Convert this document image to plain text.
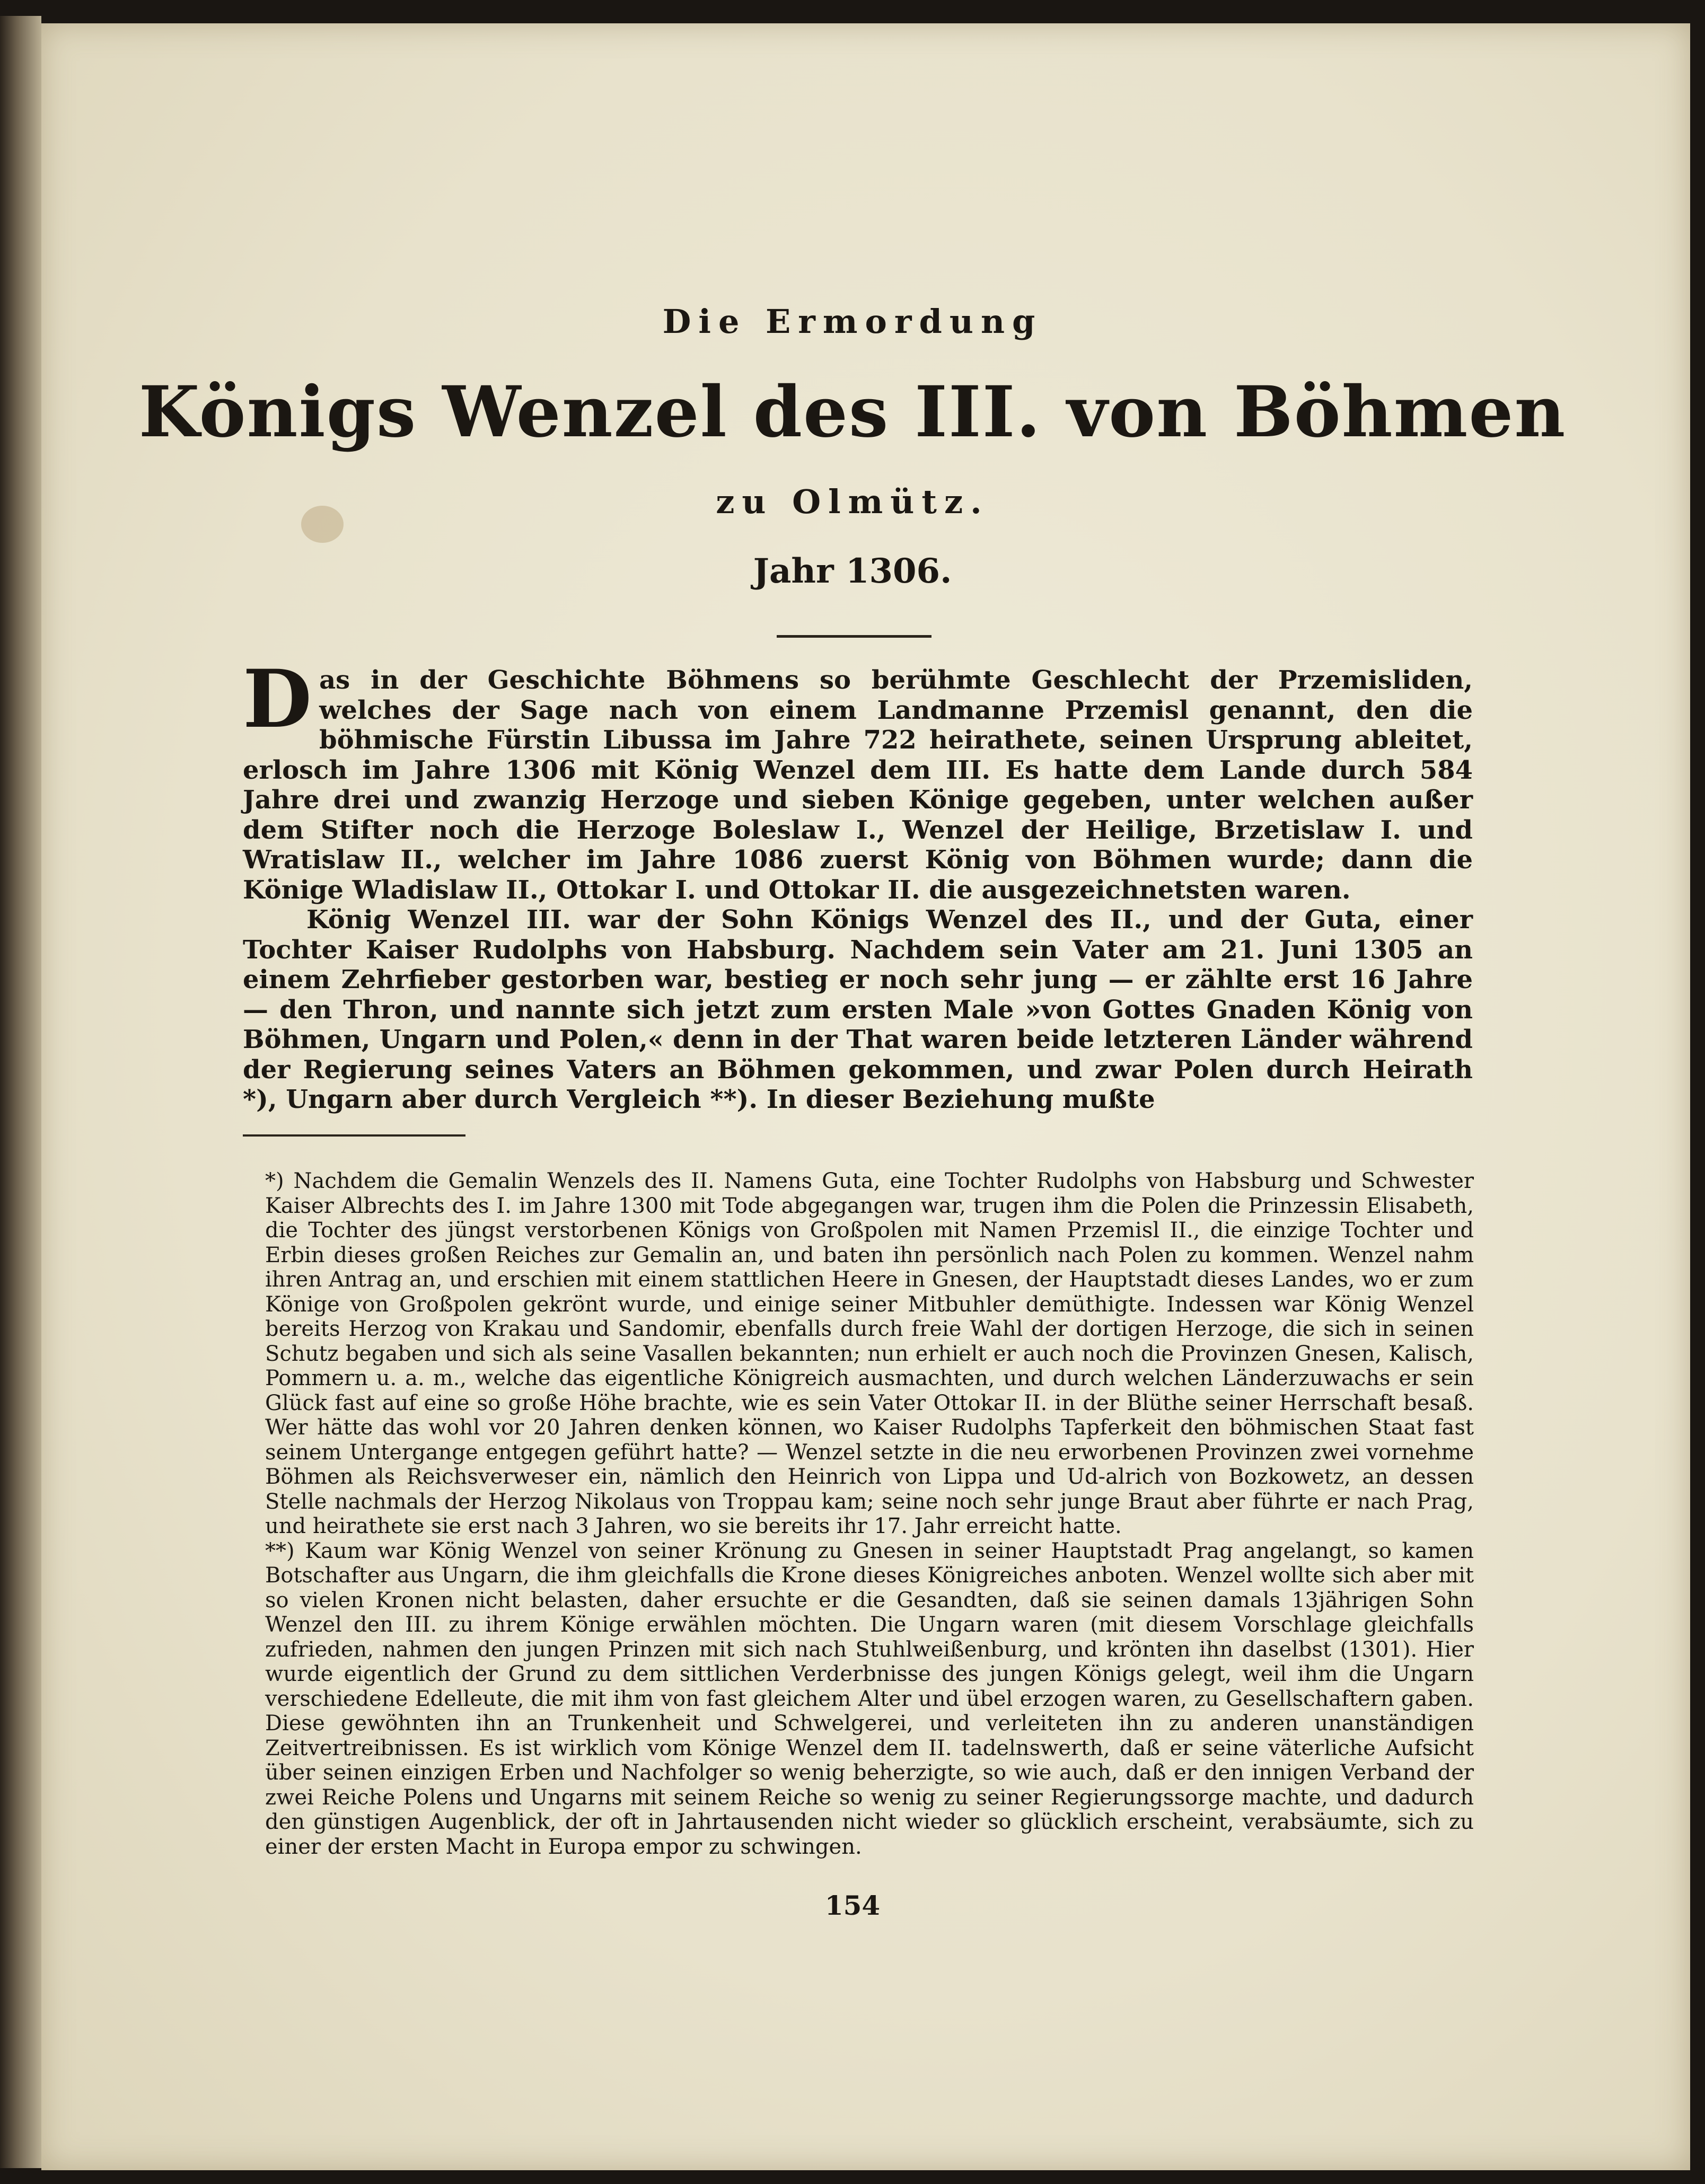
Die Ermordung

Königs Wenzel des III. von Böhmen

zu Olmütz.

Jahr 1306.

Das in der Geschichte Böhmens so berühmte Geschlecht der Przemisliden, welches der Sage nach von einem Landmanne Przemisl genannt, den die böhmische Fürstin Libussa im Jahre 722 heirathete, seinen Ursprung ableitet, erlosch im Jahre 1306 mit König Wenzel dem III. Es hatte dem Lande durch 584 Jahre drei und zwanzig Herzoge und sieben Könige gegeben, unter welchen außer dem Stifter noch die Herzoge Boleslaw I., Wenzel der Heilige, Brzetislaw I. und Wratislaw II., welcher im Jahre 1086 zuerst König von Böhmen wurde; dann die Könige Wladislaw II., Ottokar I. und Ottokar II. die ausgezeichnetsten waren.

König Wenzel III. war der Sohn Königs Wenzel des II., und der Guta, einer Tochter Kaiser Rudolphs von Habsburg. Nachdem sein Vater am 21. Juni 1305 an einem Zehrfieber gestorben war, bestieg er noch sehr jung — er zählte erst 16 Jahre — den Thron, und nannte sich jetzt zum ersten Male »von Gottes Gnaden König von Böhmen, Ungarn und Polen,« denn in der That waren beide letzteren Länder während der Regierung seines Vaters an Böhmen gekommen, und zwar Polen durch Heirath *), Ungarn aber durch Vergleich **). In dieser Beziehung mußte

*) Nachdem die Gemalin Wenzels des II. Namens Guta, eine Tochter Rudolphs von Habsburg und Schwester Kaiser Albrechts des I. im Jahre 1300 mit Tode abgegangen war, trugen ihm die Polen die Prinzessin Elisabeth, die Tochter des jüngst verstorbenen Königs von Großpolen mit Namen Przemisl II., die einzige Tochter und Erbin dieses großen Reiches zur Gemalin an, und baten ihn persönlich nach Polen zu kommen. Wenzel nahm ihren Antrag an, und erschien mit einem stattlichen Heere in Gnesen, der Hauptstadt dieses Landes, wo er zum Könige von Großpolen gekrönt wurde, und einige seiner Mitbuhler demüthigte. Indessen war König Wenzel bereits Herzog von Krakau und Sandomir, ebenfalls durch freie Wahl der dortigen Herzoge, die sich in seinen Schutz begaben und sich als seine Vasallen bekannten; nun erhielt er auch noch die Provinzen Gnesen, Kalisch, Pommern u. a. m., welche das eigentliche Königreich ausmachten, und durch welchen Länderzuwachs er sein Glück fast auf eine so große Höhe brachte, wie es sein Vater Ottokar II. in der Blüthe seiner Herrschaft besaß. Wer hätte das wohl vor 20 Jahren denken können, wo Kaiser Rudolphs Tapferkeit den böhmischen Staat fast seinem Untergange entgegen geführt hatte? — Wenzel setzte in die neu erworbenen Provinzen zwei vornehme Böhmen als Reichsverweser ein, nämlich den Heinrich von Lippa und Ud-alrich von Bozkowetz, an dessen Stelle nachmals der Herzog Nikolaus von Troppau kam; seine noch sehr junge Braut aber führte er nach Prag, und heirathete sie erst nach 3 Jahren, wo sie bereits ihr 17. Jahr erreicht hatte.

**) Kaum war König Wenzel von seiner Krönung zu Gnesen in seiner Hauptstadt Prag angelangt, so kamen Botschafter aus Ungarn, die ihm gleichfalls die Krone dieses Königreiches anboten. Wenzel wollte sich aber mit so vielen Kronen nicht belasten, daher ersuchte er die Gesandten, daß sie seinen damals 13jährigen Sohn Wenzel den III. zu ihrem Könige erwählen möchten. Die Ungarn waren (mit diesem Vorschlage gleichfalls zufrieden, nahmen den jungen Prinzen mit sich nach Stuhlweißenburg, und krönten ihn daselbst (1301). Hier wurde eigentlich der Grund zu dem sittlichen Verderbnisse des jungen Königs gelegt, weil ihm die Ungarn verschiedene Edelleute, die mit ihm von fast gleichem Alter und übel erzogen waren, zu Gesellschaftern gaben. Diese gewöhnten ihn an Trunkenheit und Schwelgerei, und verleiteten ihn zu anderen unanständigen Zeitvertreibnissen. Es ist wirklich vom Könige Wenzel dem II. tadelnswerth, daß er seine väterliche Aufsicht über seinen einzigen Erben und Nachfolger so wenig beherzigte, so wie auch, daß er den innigen Verband der zwei Reiche Polens und Ungarns mit seinem Reiche so wenig zu seiner Regierungssorge machte, und dadurch den günstigen Augenblick, der oft in Jahrtausenden nicht wieder so glücklich erscheint, verabsäumte, sich zu einer der ersten Macht in Europa empor zu schwingen.

154
